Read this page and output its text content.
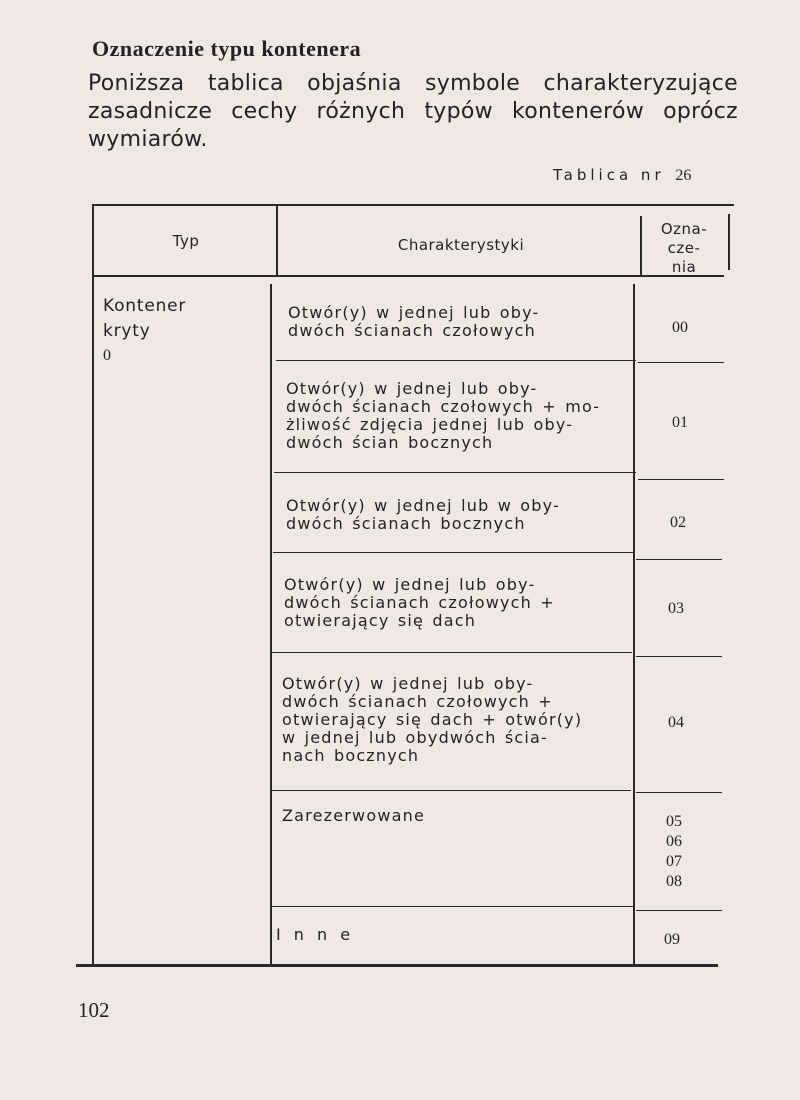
Oznaczenie typu kontenera
Poniższa tablica objaśnia symbole charakteryzujące zasadnicze cechy różnych typów kontenerów oprócz wymiarów.
Tablica nr 26
Typ	Charakterystyki
Ozna-
cze-
nia
Kontener
kryty
0
Otwór(y) w jednej lub oby-
dwóch ścianach czołowych
Otwór(y) w jednej lub oby-
dwóch ścianach czołowych + mo-
żliwość zdjęcia jednej lub oby-
dwóch ścian bocznych
Otwór(y) w jednej lub w oby-
dwóch ścianach bocznych
Otwór(y) w jednej lub oby-
dwóch ścianach czołowych +
otwierający się dach
Otwór(y) w jednej lub oby-
dwóch ścianach czołowych +
otwierający się dach + otwór(y)
w jednej lub obydwóch ścia-
nach bocznych
Zarezerwowane
I n n e
00
01
02
03
05
06
07
08
04
09
102
